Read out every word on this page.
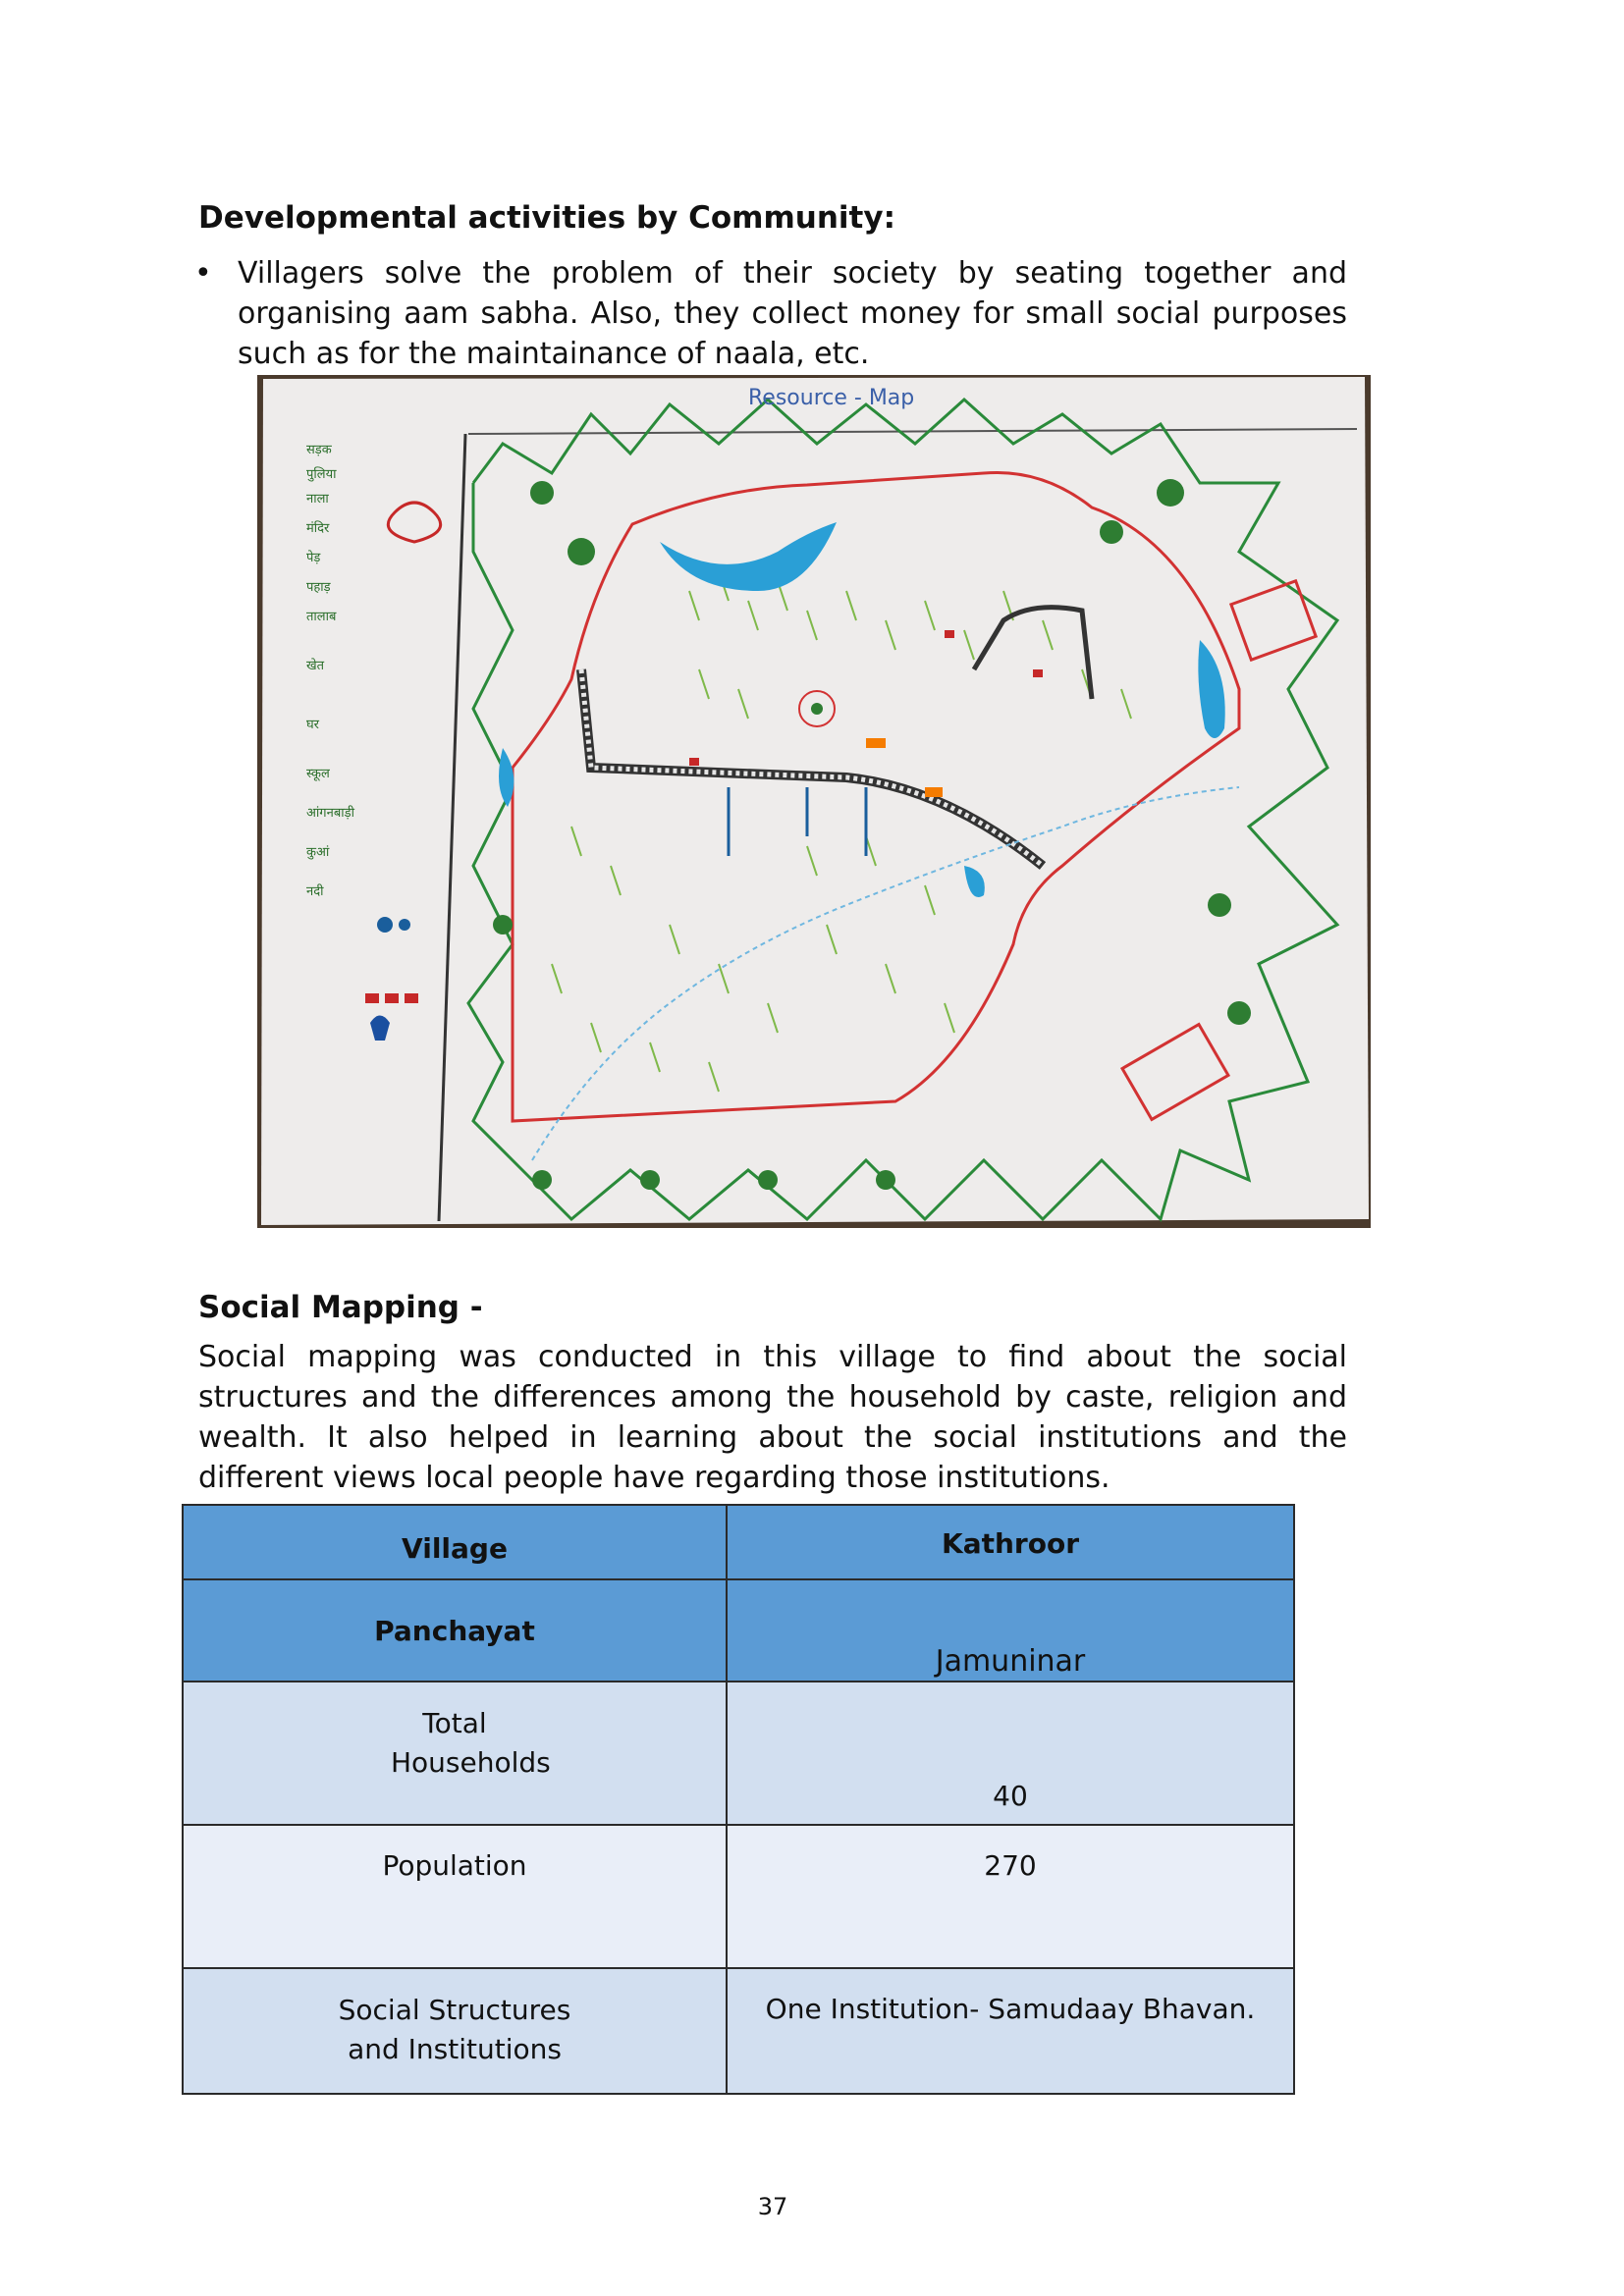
Developmental activities by Community:
• Villagers solve the problem of their society by seating together and organising aam sabha. Also, they collect money for small social purposes such as for the maintainance of naala, etc.
Resource - Map
सड़क
पुलिया
नाला
मंदिर
पेड़
पहाड़
तालाब
खेत
घर
स्कूल
आंगनबाड़ी
कुआं
नदी
Social Mapping -
Social mapping was conducted in this village to find about the social structures and the differences among the household by caste, religion and wealth. It also helped in learning about the social institutions and the different views local people have regarding those institutions.
Village	Kathroor
Panchayat	Jamuninar

Total Households	40
Population	270

Social Structures and Institutions	One Institution- Samudaay Bhavan.
37
